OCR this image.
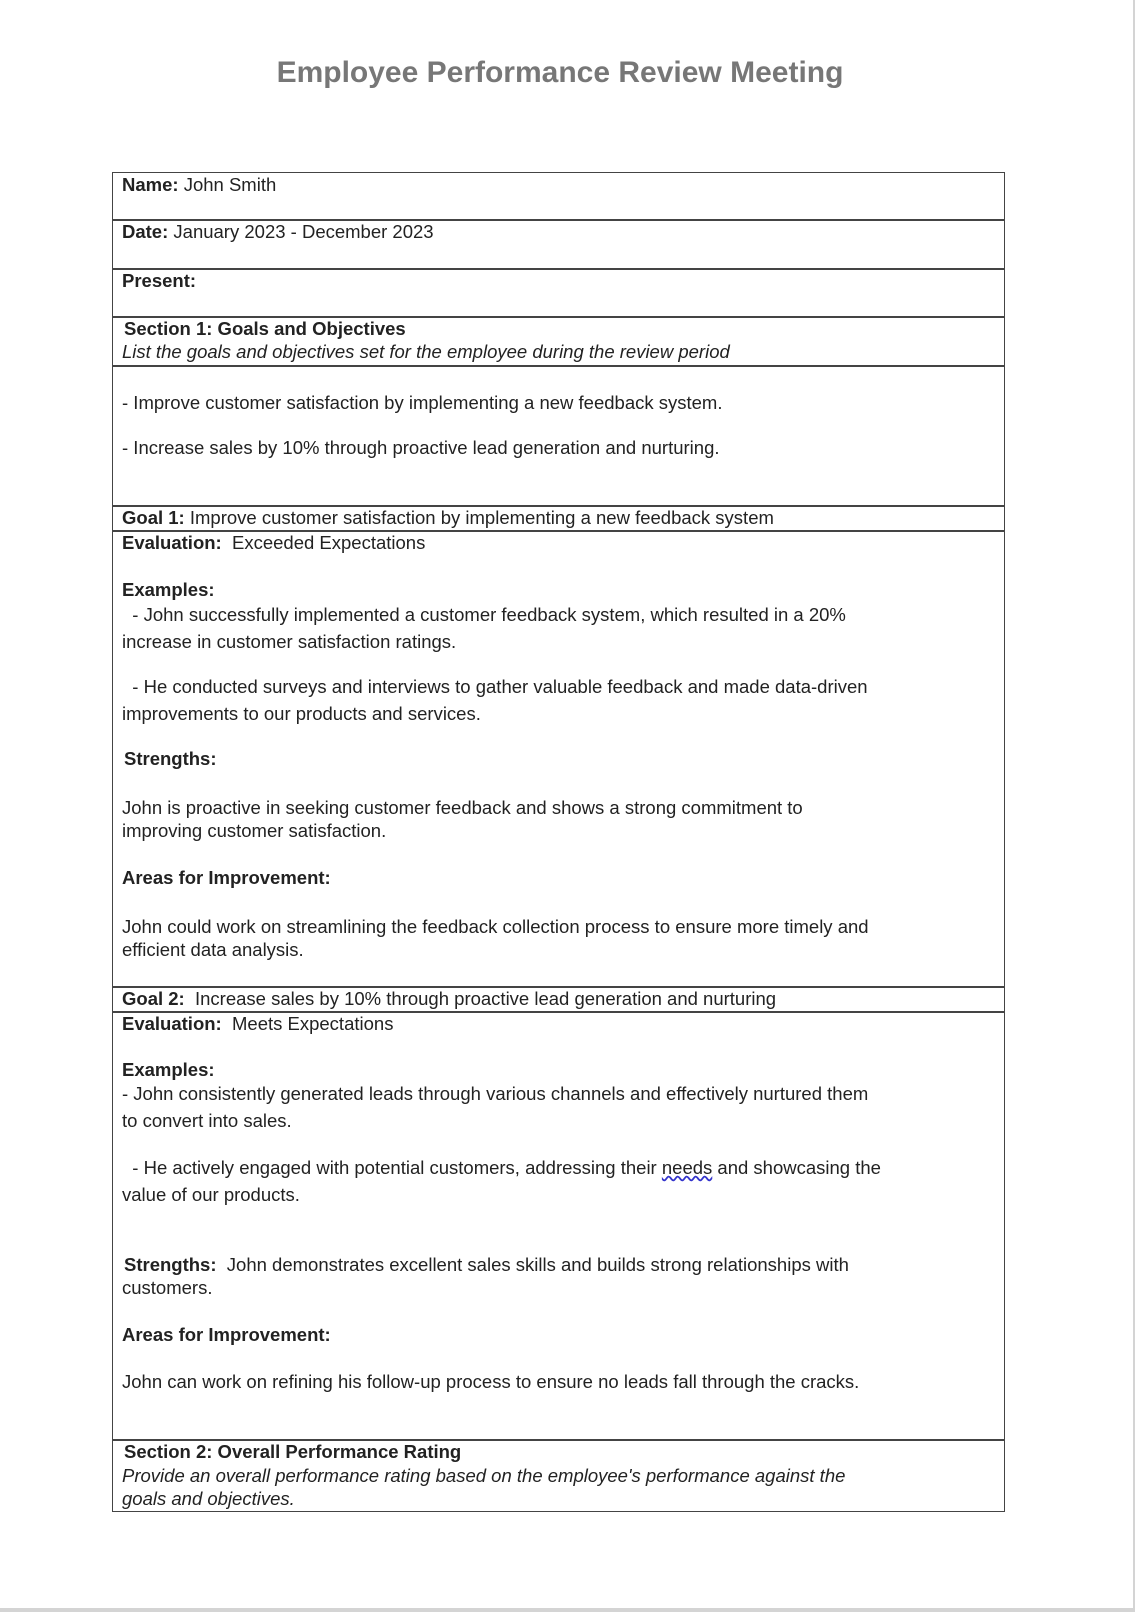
Employee Performance Review Meeting
Name: John Smith
Date: January 2023 - December 2023
Present:
Section 1: Goals and Objectives
List the goals and objectives set for the employee during the review period
- Improve customer satisfaction by implementing a new feedback system.
- Increase sales by 10% through proactive lead generation and nurturing.
Goal 1: Improve customer satisfaction by implementing a new feedback system
Evaluation: Exceeded Expectations
Examples:
- John successfully implemented a customer feedback system, which resulted in a 20%
increase in customer satisfaction ratings.
- He conducted surveys and interviews to gather valuable feedback and made data-driven
improvements to our products and services.
Strengths:
John is proactive in seeking customer feedback and shows a strong commitment to
improving customer satisfaction.
Areas for Improvement:
John could work on streamlining the feedback collection process to ensure more timely and
efficient data analysis.
Goal 2: Increase sales by 10% through proactive lead generation and nurturing
Evaluation: Meets Expectations
Examples:
- John consistently generated leads through various channels and effectively nurtured them
to convert into sales.
- He actively engaged with potential customers, addressing their needs and showcasing the
value of our products.
Strengths: John demonstrates excellent sales skills and builds strong relationships with
customers.
Areas for Improvement:
John can work on refining his follow-up process to ensure no leads fall through the cracks.
Section 2: Overall Performance Rating
Provide an overall performance rating based on the employee's performance against the
goals and objectives.
